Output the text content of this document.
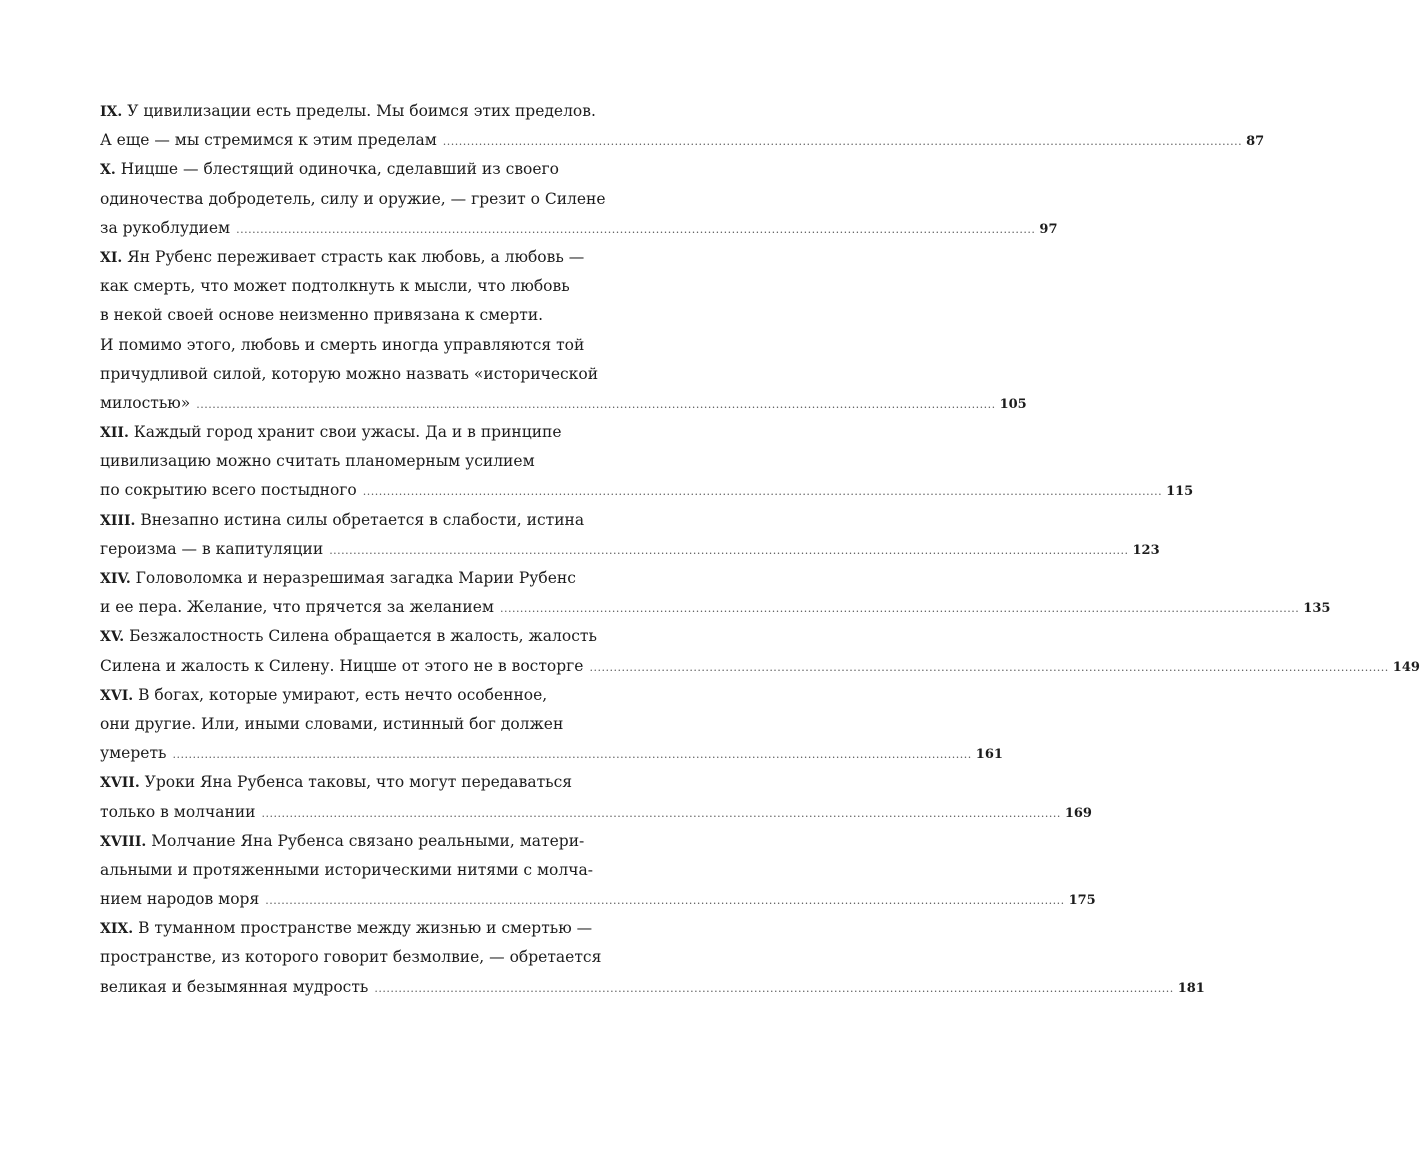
IX. У цивилизации есть пределы. Мы боимся этих пределов.
А еще — мы стремимся к этим пределам ........................................................................................................................................................................................................ 87
X. Ницше — блестящий одиночка, сделавший из своего
одиночества добродетель, силу и оружие, — грезит о Силене
за рукоблудием ........................................................................................................................................................................................................ 97
XI. Ян Рубенс переживает страсть как любовь, а любовь —
как смерть, что может подтолкнуть к мысли, что любовь
в некой своей основе неизменно привязана к смерти.
И помимо этого, любовь и смерть иногда управляются той
причудливой силой, которую можно назвать «исторической
милостью» ........................................................................................................................................................................................................ 105
XII. Каждый город хранит свои ужасы. Да и в принципе
цивилизацию можно считать планомерным усилием
по сокрытию всего постыдного ........................................................................................................................................................................................................ 115
XIII. Внезапно истина силы обретается в слабости, истина
героизма — в капитуляции ........................................................................................................................................................................................................ 123
XIV. Головоломка и неразрешимая загадка Марии Рубенс
и ее пера. Желание, что прячется за желанием ........................................................................................................................................................................................................ 135
XV. Безжалостность Силена обращается в жалость, жалость
Силена и жалость к Силену. Ницше от этого не в восторге ........................................................................................................................................................................................................ 149
XVI. В богах, которые умирают, есть нечто особенное,
они другие. Или, иными словами, истинный бог должен
умереть ........................................................................................................................................................................................................ 161
XVII. Уроки Яна Рубенса таковы, что могут передаваться
только в молчании ........................................................................................................................................................................................................ 169
XVIII. Молчание Яна Рубенса связано реальными, матери-
альными и протяженными историческими нитями с молча-
нием народов моря ........................................................................................................................................................................................................ 175
XIX. В туманном пространстве между жизнью и смертью —
пространстве, из которого говорит безмолвие, — обретается
великая и безымянная мудрость ........................................................................................................................................................................................................ 181
